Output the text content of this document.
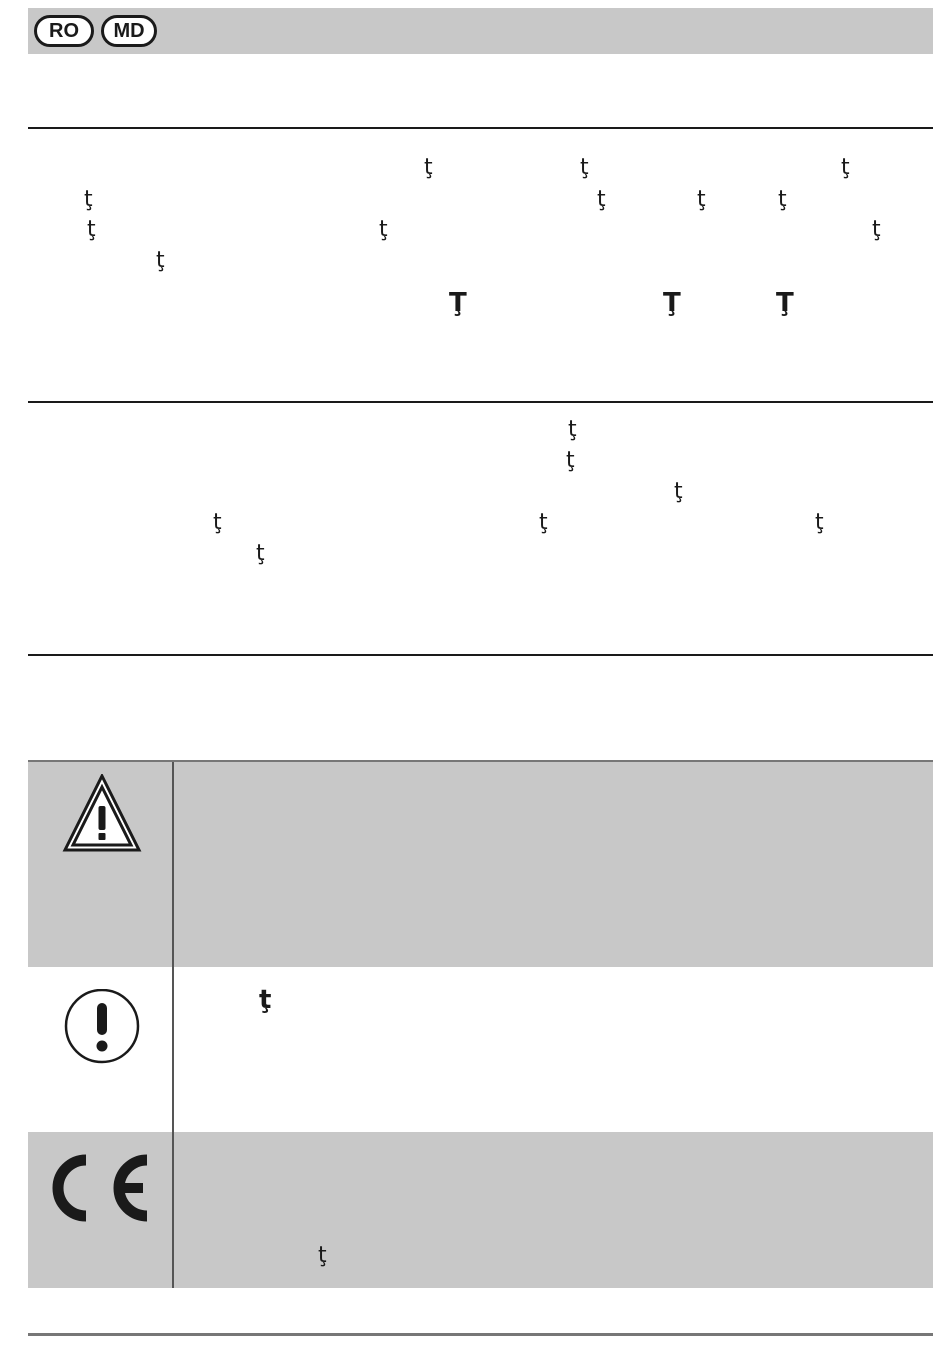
RO	MD
ţ	ţ	ţ
ţ	ţ	ţ	ţ
ţ	ţ	ţ
ţ
Ţ	Ţ	Ţ
ţ
ţ
ţ
ţ	ţ	ţ
ţ
ţ
ţ
